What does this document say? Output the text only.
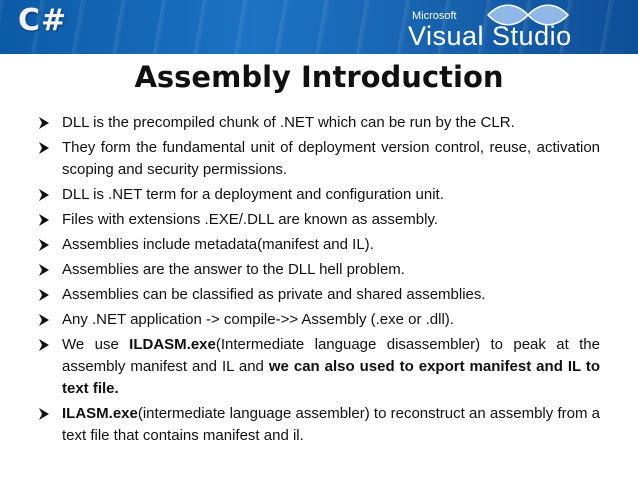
C#	Microsoft
Visual Studio
Assembly Introduction
DLL is the precompiled chunk of .NET which can be run by the CLR.
They form the fundamental unit of deployment version control, reuse, activation scoping and security permissions.
DLL is .NET term for a deployment and configuration unit.
Files with extensions .EXE/.DLL are known as assembly.
Assemblies include metadata(manifest and IL).
Assemblies are the answer to the DLL hell problem.
Assemblies can be classified as private and shared assemblies.
Any .NET application -> compile->> Assembly (.exe or .dll).
We use ILDASM.exe(Intermediate language disassembler) to peak at the assembly manifest and IL and we can also used to export manifest and IL to text file.
ILASM.exe(intermediate language assembler) to reconstruct an assembly from a text file that contains manifest and il.
